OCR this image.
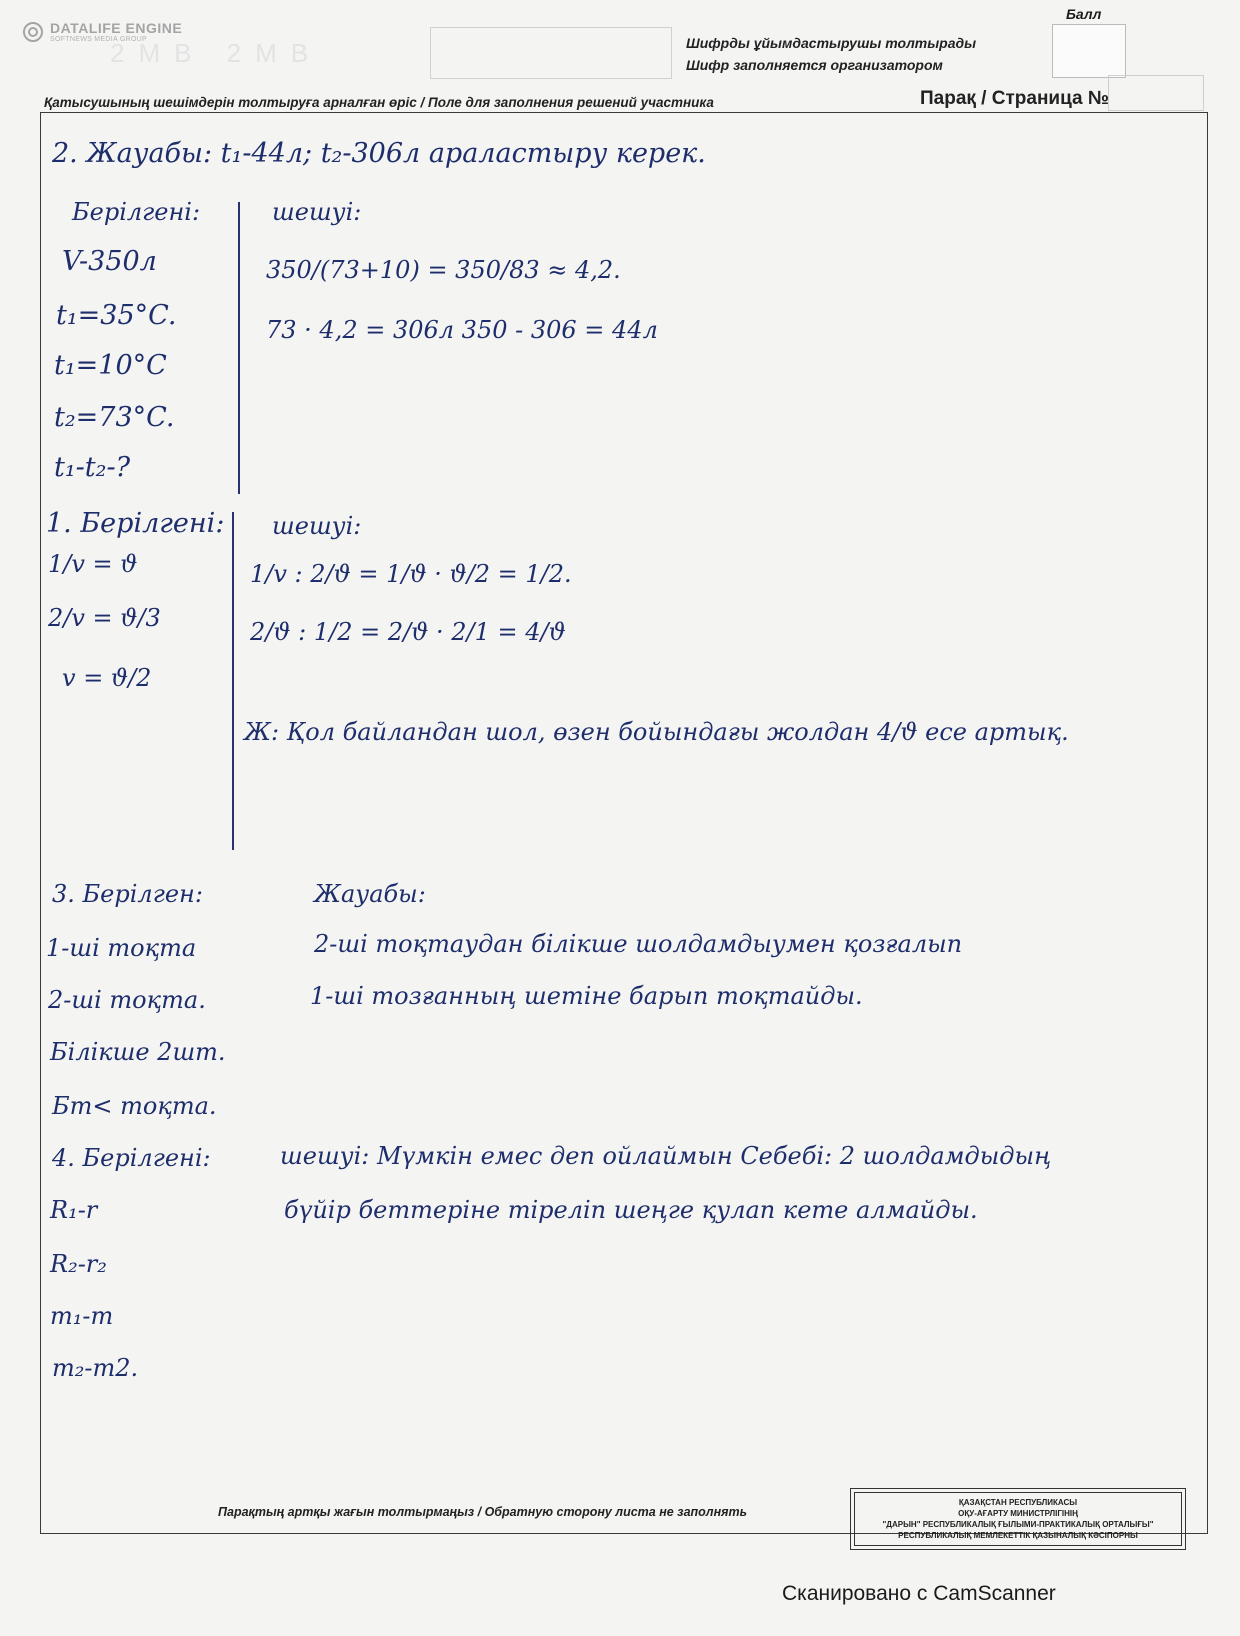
DATALIFE ENGINE
SOFTNEWS MEDIA GROUP
2MB 2MB	Шифрды ұйымдастырушы толтырады
Шифр заполняется организатором
Балл
Қатысушының шешімдерін толтыруға арналған өріс / Поле для заполнения решений участника	Парақ / Страница №
2. Жауабы: t₁-44л; t₂-306л араластыру керек.
Берілгені:
V-350л
t₁=35°C.
t₁=10°C
t₂=73°C.
t₁-t₂-?
шешуі:
350/(73+10) = 350/83 ≈ 4,2.
73 · 4,2 = 306л 350 - 306 = 44л
1. Берілгені:
1/v = ϑ
2/v = ϑ/3
v = ϑ/2
шешуі:
1/v : 2/ϑ = 1/ϑ · ϑ/2 = 1/2.
2/ϑ : 1/2 = 2/ϑ · 2/1 = 4/ϑ
Ж: Қол байландан шол, өзен бойындағы жолдан 4/ϑ есе артық.
3. Берілген:
1-ші тоқта
2-ші тоқта.
Білікше 2шт.
Бт< тоқта.
Жауабы:
2-ші тоқтаудан білікше шолдамдыумен қозғалып
1-ші тозғанның шетіне барып тоқтайды.
4. Берілгені:
R₁-r
R₂-r₂
m₁-m
m₂-m2.
шешуі: Мүмкін емес деп ойлаймын Себебі: 2 шолдамдыдың
бүйір беттеріне тіреліп шеңге қулап кете алмайды.
Парақтың артқы жағын толтырмаңыз / Обратную сторону листа не заполнять
ҚАЗАҚСТАН РЕСПУБЛИКАСЫ
ОҚУ-АҒАРТУ МИНИСТРЛІГІНІҢ
"ДАРЫН" РЕСПУБЛИКАЛЫҚ ҒЫЛЫМИ-ПРАКТИКАЛЫҚ ОРТАЛЫҒЫ"
РЕСПУБЛИКАЛЫҚ МЕМЛЕКЕТТІК ҚАЗЫНАЛЫҚ КӘСІПОРНЫ
Сканировано с CamScanner
